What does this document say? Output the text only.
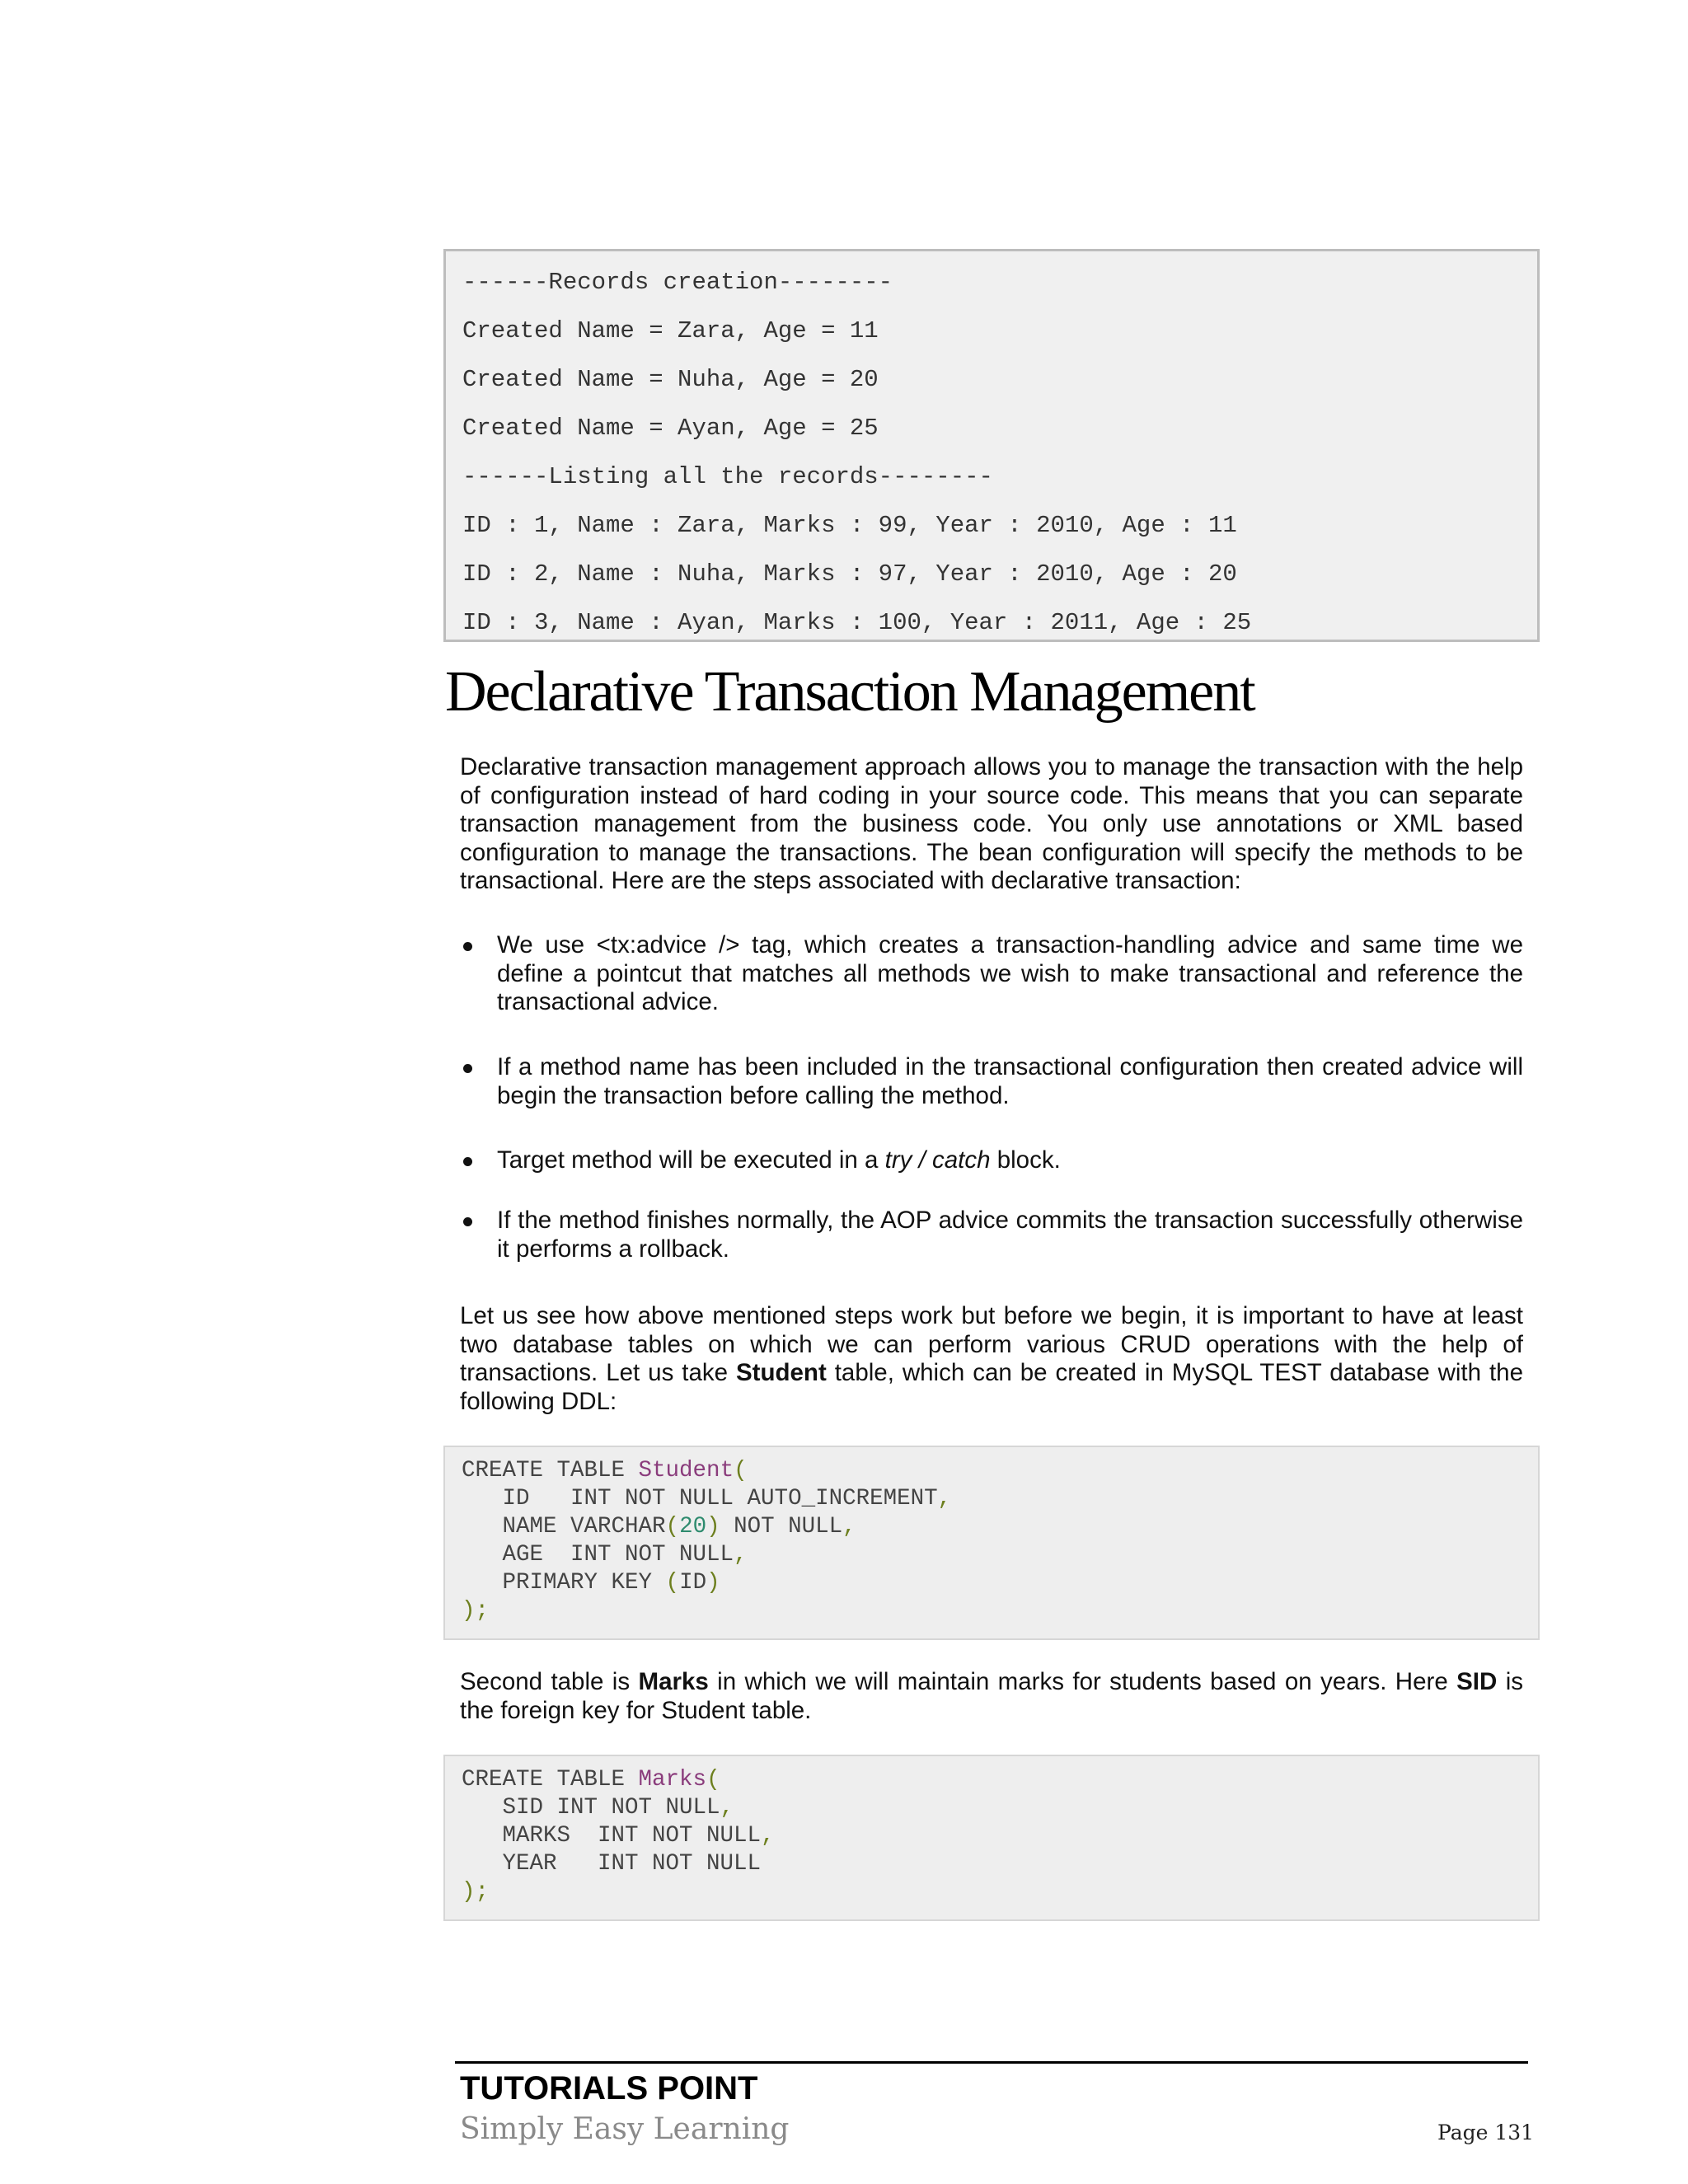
------Records creation--------
Created Name = Zara, Age = 11
Created Name = Nuha, Age = 20
Created Name = Ayan, Age = 25
------Listing all the records--------
ID : 1, Name : Zara, Marks : 99, Year : 2010, Age : 11
ID : 2, Name : Nuha, Marks : 97, Year : 2010, Age : 20
ID : 3, Name : Ayan, Marks : 100, Year : 2011, Age : 25
Declarative Transaction Management

Declarative transaction management approach allows you to manage the transaction with the help of configuration instead of hard coding in your source code. This means that you can separate transaction management from the business code. You only use annotations or XML based configuration to manage the transactions. The bean configuration will specify the methods to be transactional. Here are the steps associated with declarative transaction:

We use <tx:advice /> tag, which creates a transaction-handling advice and same time we define a pointcut that matches all methods we wish to make transactional and reference the transactional advice.
If a method name has been included in the transactional configuration then created advice will begin the transaction before calling the method.
Target method will be executed in a try / catch block.
If the method finishes normally, the AOP advice commits the transaction successfully otherwise it performs a rollback.

Let us see how above mentioned steps work but before we begin, it is important to have at least two database tables on which we can perform various CRUD operations with the help of transactions. Let us take Student table, which can be created in MySQL TEST database with the following DDL:

CREATE TABLE Student(
ID   INT NOT NULL AUTO_INCREMENT,
NAME VARCHAR(20) NOT NULL,
AGE  INT NOT NULL,
PRIMARY KEY (ID)
);

Second table is Marks in which we will maintain marks for students based on years. Here SID is the foreign key for Student table.

CREATE TABLE Marks(
SID INT NOT NULL,
MARKS  INT NOT NULL,
YEAR   INT NOT NULL
);
TUTORIALS POINT
Simply Easy Learning	Page 131
